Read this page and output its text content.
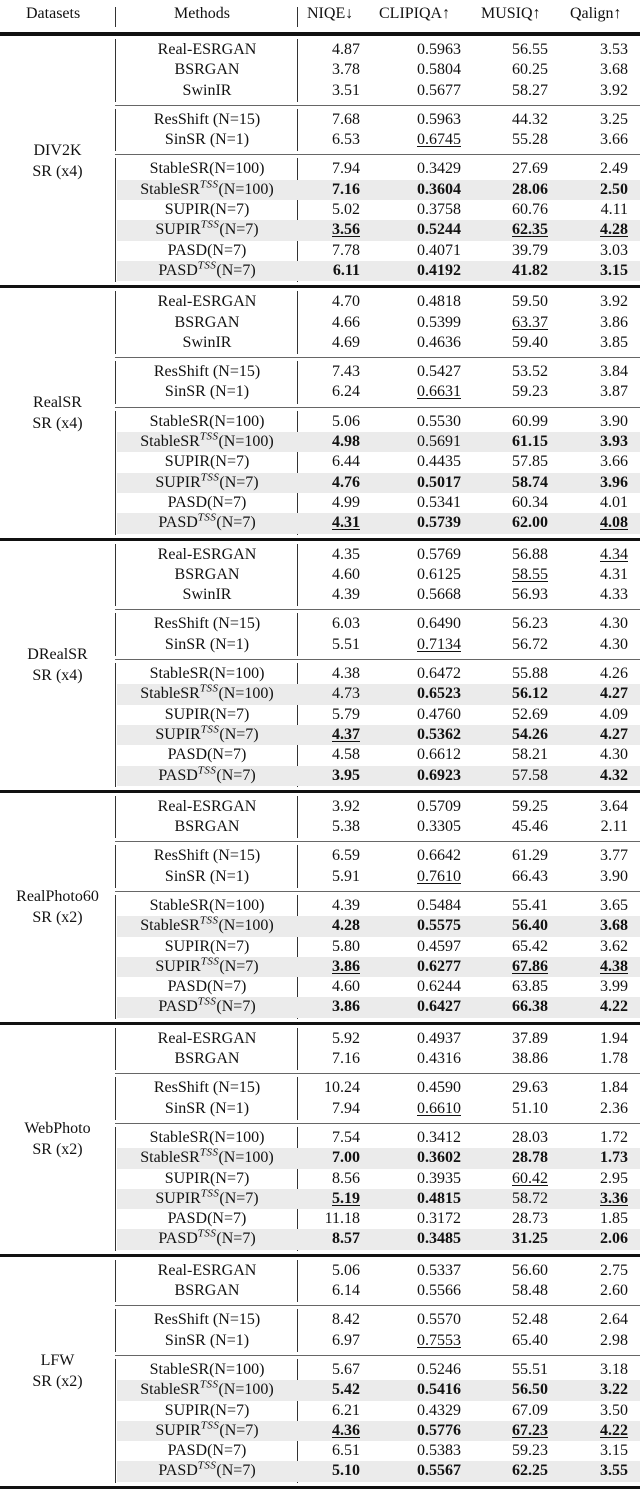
Datasets	Methods	NIQE↓ CLIPIQA↑ MUSIQ↑ Qalign↑
DIV2K
SR (x4)
Real-ESRGAN	4.87	0.5963	56.55	3.53
BSRGAN	3.78	0.5804	60.25	3.68
SwinIR	3.51	0.5677	58.27	3.92
ResShift (N=15)	7.68	0.5963	44.32	3.25
SinSR (N=1)	6.53	0.6745	55.28	3.66
StableSR(N=100)	7.94	0.3429	27.69	2.49
StableSR$^{TSS}$(N=100)	7.16	0.3604	28.06	2.50
SUPIR(N=7)	5.02	0.3758	60.76	4.11
$SUPIR^{TSS}(N=7)$	3.56	0.5244	62.35	4.28
PASD(N=7)	7.78	0.4071	39.79	3.03
$PASD^{TSS}(N=7)$	6.11	0.4192	41.82	3.15
RealSR
SR (x4)
Real-ESRGAN	4.70	0.4818	59.50	3.92
BSRGAN	4.66	0.5399	63.37	3.86
SwinIR	4.69	0.4636	59.40	3.85
ResShift (N=15)	7.43	0.5427	53.52	3.84
SinSR (N=1)	6.24	0.6631	59.23	3.87
StableSR(N=100)	5.06	0.5530	60.99	3.90
StableSR$^{TSS}$(N=100)	4.98	0.5691	61.15	3.93
SUPIR(N=7)	6.44	0.4435	57.85	3.66
$SUPIR^{TSS}(N=7)$	4.76	0.5017	58.74	3.96
PASD(N=7)	4.99	0.5341	60.34	4.01
$PASD^{TSS}(N=7)$	4.31	0.5739	62.00	4.08
DRealSR
SR (x4)
Real-ESRGAN	4.35	0.5769	56.88	4.34
BSRGAN	4.60	0.6125	58.55	4.31
SwinIR	4.39	0.5668	56.93	4.33
ResShift (N=15)	6.03	0.6490	56.23	4.30
SinSR (N=1)	5.51	0.7134	56.72	4.30
StableSR(N=100)	4.38	0.6472	55.88	4.26
StableSR$^{TSS}$(N=100)	4.73	0.6523	56.12	4.27
SUPIR(N=7)	5.79	0.4760	52.69	4.09
$SUPIR^{TSS}(N=7)$	4.37	0.5362	54.26	4.27
PASD(N=7)	4.58	0.6612	58.21	4.30
$PASD^{TSS}(N=7)$	3.95	0.6923	57.58	4.32
RealPhoto60
SR (x2)
Real-ESRGAN	3.92	0.5709	59.25	3.64
BSRGAN	5.38	0.3305	45.46	2.11
ResShift (N=15)	6.59	0.6642	61.29	3.77
SinSR (N=1)	5.91	0.7610	66.43	3.90
StableSR(N=100)	4.39	0.5484	55.41	3.65
StableSR$^{TSS}$(N=100)	4.28	0.5575	56.40	3.68
SUPIR(N=7)	5.80	0.4597	65.42	3.62
$SUPIR^{TSS}(N=7)$	3.86	0.6277	67.86	4.38
PASD(N=7)	4.60	0.6244	63.85	3.99
$PASD^{TSS}(N=7)$	3.86	0.6427	66.38	4.22
WebPhoto
SR (x2)
Real-ESRGAN	5.92	0.4937	37.89	1.94
BSRGAN	7.16	0.4316	38.86	1.78
ResShift (N=15)	10.24	0.4590	29.63	1.84
SinSR (N=1)	7.94	0.6610	51.10	2.36
StableSR(N=100)	7.54	0.3412	28.03	1.72
StableSR$^{TSS}$(N=100)	7.00	0.3602	28.78	1.73
SUPIR(N=7)	8.56	0.3935	60.42	2.95
$SUPIR^{TSS}(N=7)$	5.19	0.4815	58.72	3.36
PASD(N=7)	11.18	0.3172	28.73	1.85
$PASD^{TSS}(N=7)$	8.57	0.3485	31.25	2.06
LFW
SR (x2)
Real-ESRGAN	5.06	0.5337	56.60	2.75
BSRGAN	6.14	0.5566	58.48	2.60
ResShift (N=15)	8.42	0.5570	52.48	2.64
SinSR (N=1)	6.97	0.7553	65.40	2.98
StableSR(N=100)	5.67	0.5246	55.51	3.18
StableSR$^{TSS}$(N=100)	5.42	0.5416	56.50	3.22
SUPIR(N=7)	6.21	0.4329	67.09	3.50
$SUPIR^{TSS}(N=7)$	4.36	0.5776	67.23	4.22
PASD(N=7)	6.51	0.5383	59.23	3.15
$PASD^{TSS}(N=7)$	5.10	0.5567	62.25	3.55
